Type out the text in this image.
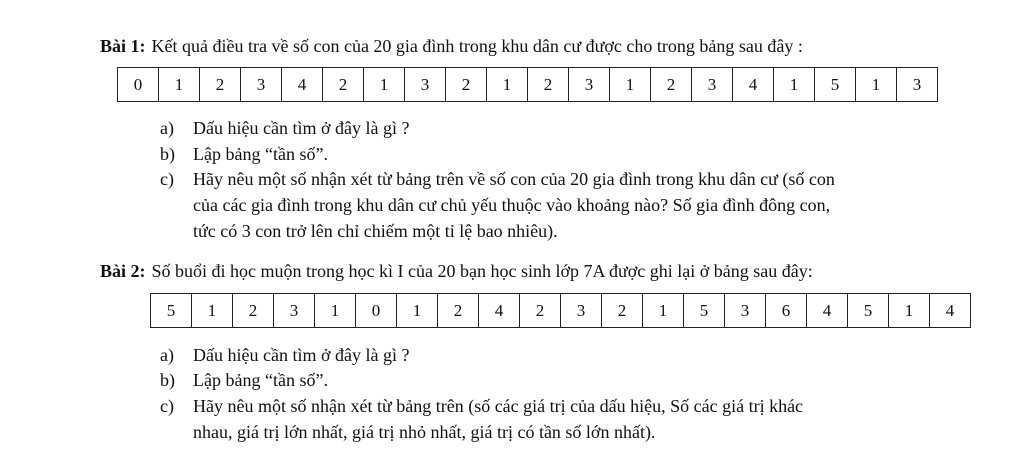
Bài 1: Kết quả điều tra về số con của 20 gia đình trong khu dân cư được cho trong bảng sau đây :
0	1	2	3	4	2	1	3	2	1	2	3	1	2	3	4	1	5	1	3
a) Dấu hiệu cần tìm ở đây là gì ?
b) Lập bảng “tần số”.
c) Hãy nêu một số nhận xét từ bảng trên về số con của 20 gia đình trong khu dân cư (số con
của các gia đình trong khu dân cư chủ yếu thuộc vào khoảng nào? Số gia đình đông con,
tức có 3 con trở lên chỉ chiếm một tỉ lệ bao nhiêu).
Bài 2: Số buổi đi học muộn trong học kì I của 20 bạn học sinh lớp 7A được ghi lại ở bảng sau đây:
5	1	2	3	1	0	1	2	4	2	3	2	1	5	3	6	4	5	1	4
a) Dấu hiệu cần tìm ở đây là gì ?
b) Lập bảng “tần số”.
c) Hãy nêu một số nhận xét từ bảng trên (số các giá trị của dấu hiệu, Số các giá trị khác
nhau, giá trị lớn nhất, giá trị nhỏ nhất, giá trị có tần số lớn nhất).
